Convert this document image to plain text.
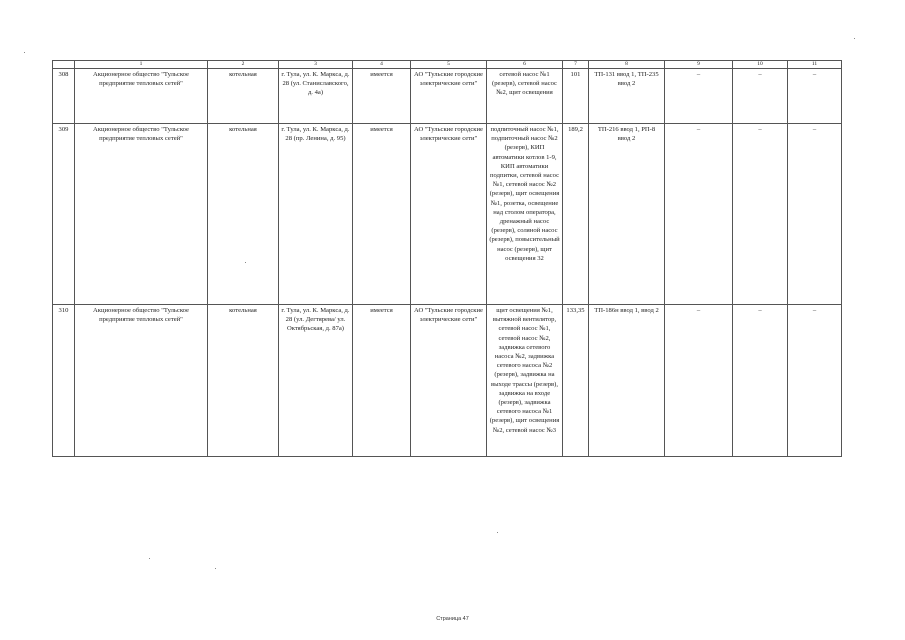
	1	2	3	4	5	6	7	8	9	10	11
308	Акционерное общество "Тульское предприятие тепловых сетей"	котельная	г. Тула, ул. К. Маркса, д. 28 (ул. Станиславского, д. 4а)	имеется	АО "Тульские городские электрические сети"	сетевой насос №1 (резерв), сетевой насос №2, щит освещения	101	ТП-131 ввод 1, ТП-235 ввод 2	–	–	–
309	Акционерное общество "Тульское предприятие тепловых сетей"	котельная	г. Тула, ул. К. Маркса, д. 28 (пр. Ленина, д. 95)	имеется	АО "Тульские городские электрические сети"	подпиточный насос №1, подпиточный насос №2 (резерв), КИП автоматики котлов 1-9, КИП автоматики подпитки, сетевой насос №1, сетевой насос №2 (резерв), щит освещения №1, розетка, освещение над столом оператора, дренажный насос (резерв), соляной насос (резерв), повысительный насос (резерв), щит освещения 32	189,2	ТП-216 ввод 1, РП-8 ввод 2	–	–	–
310	Акционерное общество "Тульское предприятие тепловых сетей"	котельная	г. Тула, ул. К. Маркса, д. 28 (ул. Дегтярева/ ул. Октябрьская, д. 87а)	имеется	АО "Тульские городские электрические сети"	щит освещения №1, вытяжной вентилятор, сетевой насос №1, сетевой насос №2, задвижка сетевого насоса №2, задвижка сетевого насоса №2 (резерв), задвижка на выходе трассы (резерв), задвижка на входе (резерв), задвижка сетевого насоса №1 (резерв), щит освещения №2, сетевой насос №3	133,35	ТП-186н ввод 1, ввод 2	–	–	–
Страница 47
